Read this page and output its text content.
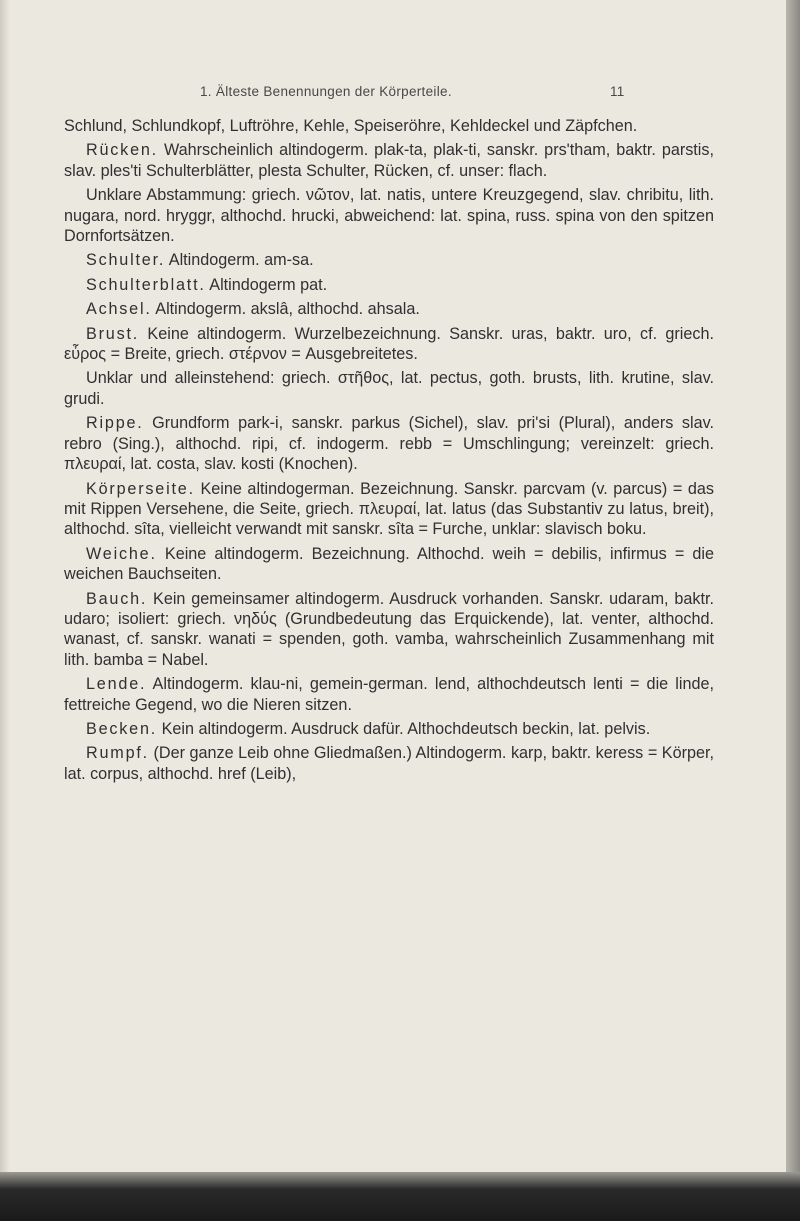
1. Älteste Benennungen der Körperteile.	11

Schlund, Schlundkopf, Luftröhre, Kehle, Speiseröhre, Kehldeckel und Zäpfchen.

Rücken. Wahrscheinlich altindogerm. plak-ta, plak-ti, sanskr. prs'tham, baktr. parstis, slav. ples'ti Schulterblätter, plesta Schulter, Rücken, cf. unser: flach.

Unklare Abstammung: griech. νῶτον, lat. natis, untere Kreuzgegend, slav. chribitu, lith. nugara, nord. hryggr, althochd. hrucki, abweichend: lat. spina, russ. spina von den spitzen Dornfortsätzen.

Schulter. Altindogerm. am-sa.

Schulterblatt. Altindogerm pat.

Achsel. Altindogerm. akslâ, althochd. ahsala.

Brust. Keine altindogerm. Wurzelbezeichnung. Sanskr. uras, baktr. uro, cf. griech. εὖρος = Breite, griech. στέρνον = Ausgebreitetes.

Unklar und alleinstehend: griech. στῆθος, lat. pectus, goth. brusts, lith. krutine, slav. grudi.

Rippe. Grundform park-i, sanskr. parkus (Sichel), slav. pri'si (Plural), anders slav. rebro (Sing.), althochd. ripi, cf. indogerm. rebb = Umschlingung; vereinzelt: griech. πλευραί, lat. costa, slav. kosti (Knochen).

Körperseite. Keine altindogerman. Bezeichnung. Sanskr. parcvam (v. parcus) = das mit Rippen Versehene, die Seite, griech. πλευραί, lat. latus (das Substantiv zu latus, breit), althochd. sîta, vielleicht verwandt mit sanskr. sîta = Furche, unklar: slavisch boku.

Weiche. Keine altindogerm. Bezeichnung. Althochd. weih = debilis, infirmus = die weichen Bauchseiten.

Bauch. Kein gemeinsamer altindogerm. Ausdruck vorhanden. Sanskr. udaram, baktr. udaro; isoliert: griech. νηδύς (Grundbedeutung das Erquickende), lat. venter, althochd. wanast, cf. sanskr. wanati = spenden, goth. vamba, wahrscheinlich Zusammenhang mit lith. bamba = Nabel.

Lende. Altindogerm. klau-ni, gemein-german. lend, althochdeutsch lenti = die linde, fettreiche Gegend, wo die Nieren sitzen.

Becken. Kein altindogerm. Ausdruck dafür. Althochdeutsch beckin, lat. pelvis.

Rumpf. (Der ganze Leib ohne Gliedmaßen.) Altindogerm. karp, baktr. keress = Körper, lat. corpus, althochd. href (Leib),
